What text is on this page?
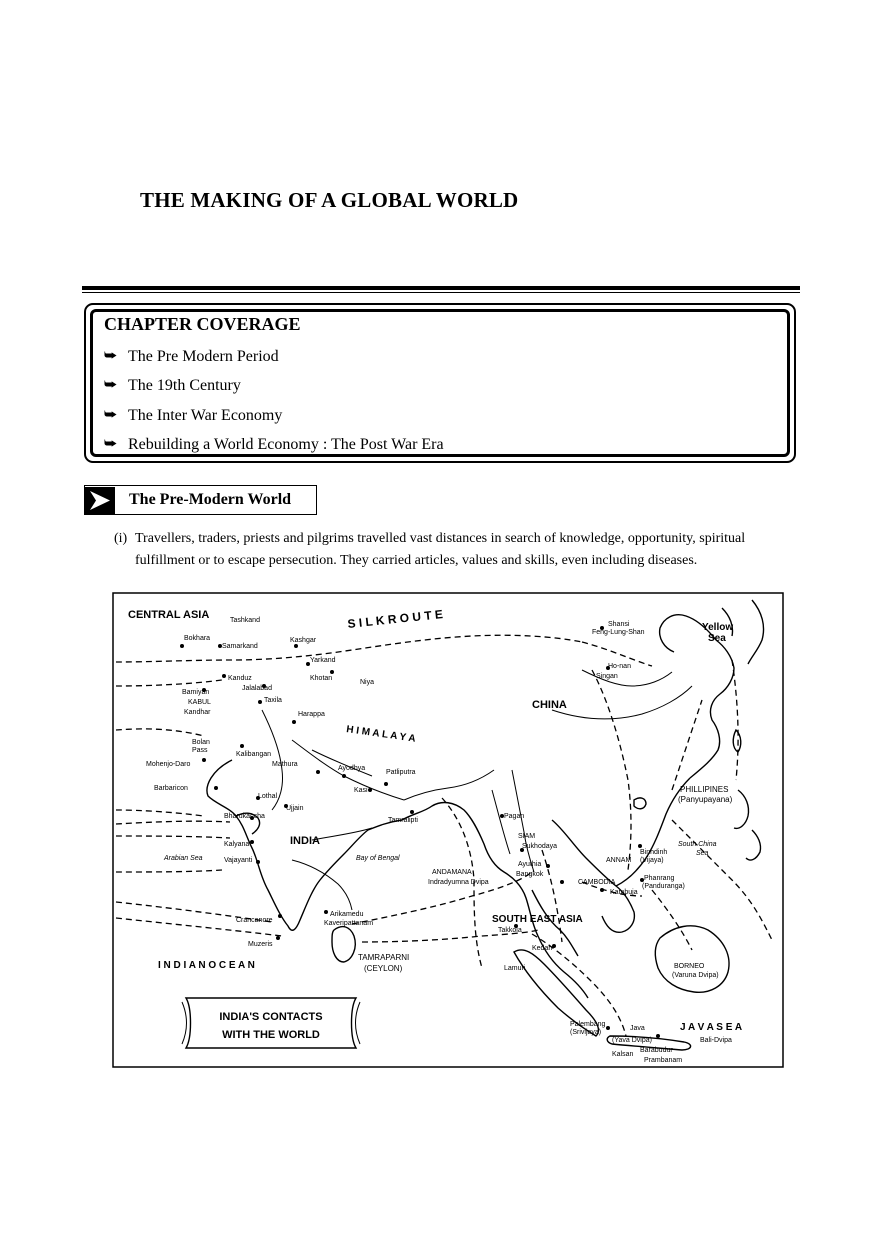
THE MAKING OF A GLOBAL WORLD
CHAPTER COVERAGE
⮩ The Pre Modern Period
⮩ The 19th Century
⮩ The Inter War Economy
⮩ Rebuilding a World Economy : The Post War Era
The Pre-Modern World
(i) Travellers, traders, priests and pilgrims travelled vast distances in search of knowledge, opportunity, spiritual fulfillment or to escape persecution. They carried articles, values and skills, even including diseases.
CENTRAL ASIA	S I L K R O U T E
CHINA
H I M A L A Y A
INDIA
SOUTH EAST ASIA
I N D I A N O C E A N
J A V A S E A
Yellow
Sea
PHILLIPINES
(Panyupayana)
Bay of Bengal
Arabian Sea
South China
Sea
TAMRAPARNI
(CEYLON)
SIAM
CAMBODIA
ANNAM
ANDAMANA
BORNEO
(Varuna Dvipa)
Tashkand
Bokhara
Samarkand
Kashgar
Yarkand
Khotan
Niya
Kanduz
Jalalabad
Bamiyan
KABUL	Taxila
Kandhar	Harappa
Bolan
Pass
Kalibangan
Mohenjo-Daro	Mathura
Ayodhya
Patliputra
Kasi
Barbaricon
Lothal
Bharukaccha
Ujjain
Tamralipti
Pagan
Kalyana
Vajayanti
Sukhodaya
Ayuthia
Bangkok
Indradyumna Dvipa
Kambuja
Binhdinh
(Vijaya)
Phanrang
(Panduranga)
Crancanore
Muzeris
Arikamedu
Kaveripattanam
Takkola
Kedah
Lamuri
Palembang
(Srivijaya)
Java
(Yava Dvipa)	Bali-Dvipa
Kalsan
Barabudur
Prambanam
Shansi
Feng-Lung-Shan
Ho-nan
Singan
INDIA'S CONTACTS
WITH THE WORLD
